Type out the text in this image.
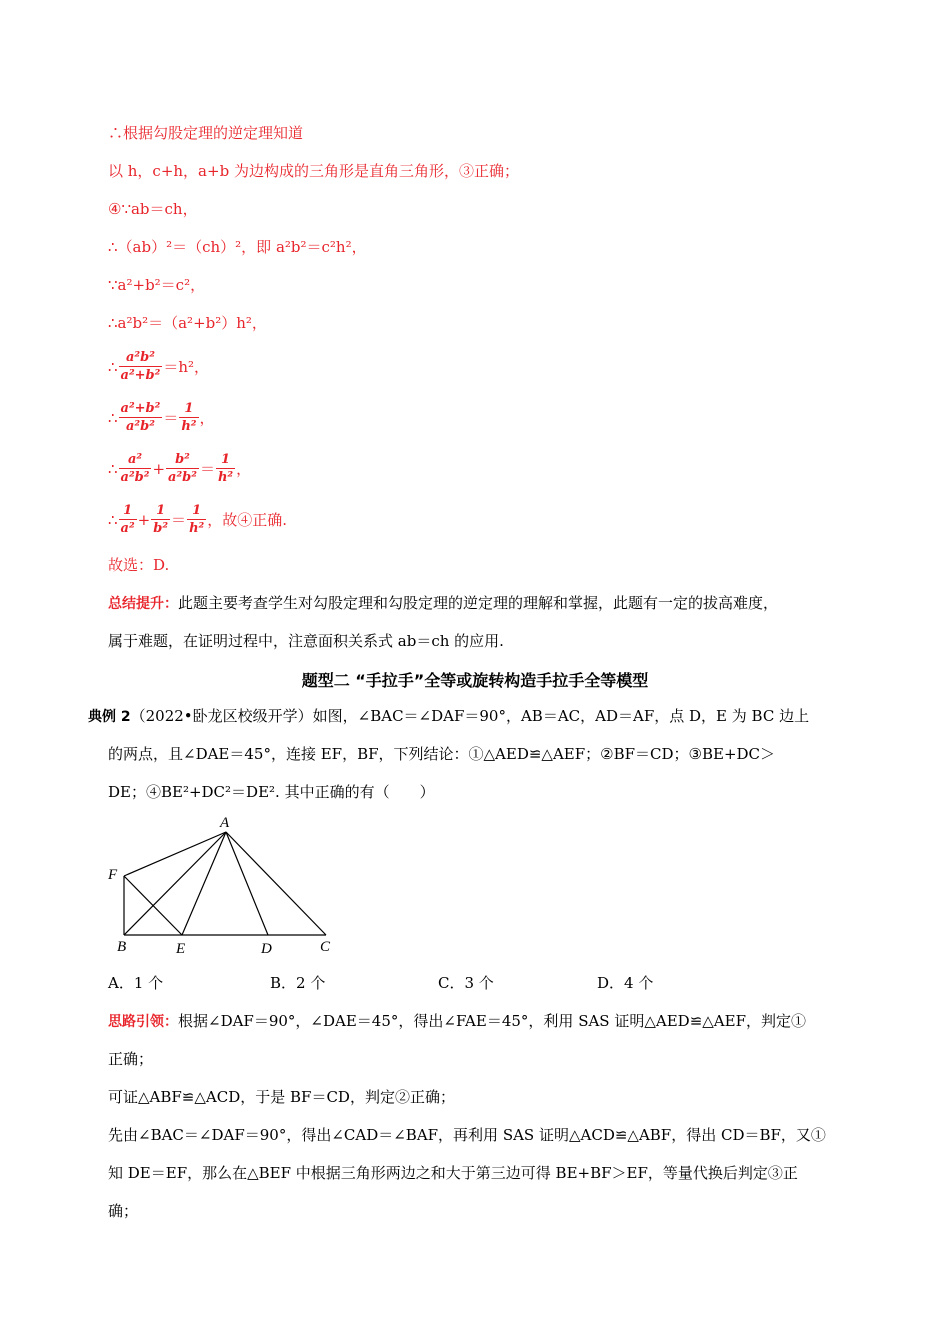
∴根据勾股定理的逆定理知道
以 h，c+h，a+b 为边构成的三角形是直角三角形，③正确；
④∵ab＝ch，
∴（ab）²＝（ch）²，即 a²b²＝c²h²，
∵a²+b²＝c²，
∴a²b²＝（a²+b²）h²，
∴ $\frac{\text{a²b²}}{\text{a²+b²}} =h^2$，
∴ $\frac{\text{a²+b²}}{\text{a²b²}} = \frac{1}{\text{h²}}$ ，
∴ $\frac{\text{a²}}{\text{a²b²}} + \frac{\text{b²}}{\text{a²b²}} = \frac{1}{\text{h²}}$ ，
∴ $\frac{1}{\text{a²}} + \frac{1}{\text{b²}} = \frac{1}{\text{h²}}$ ，故④正确.
故选：D.
总结提升：此题主要考查学生对勾股定理和勾股定理的逆定理的理解和掌握，此题有一定的拔高难度，
属于难题，在证明过程中，注意面积关系式 ab＝ch 的应用.
题型二 “手拉手”全等或旋转构造手拉手全等模型
典例 2（2022•卧龙区校级开学）如图，∠BAC＝∠DAF＝90°，AB＝AC，AD＝AF，点 D，E 为 BC 边上
的两点，且∠DAE＝45°，连接 EF，BF，下列结论：①△AED≌△AEF；②BF＝CD；③BE+DC＞
DE；④BE²+DC²＝DE². 其中正确的有（　　）
A
F
B	E	D	C
A．1 个	B．2 个	C．3 个	D．4 个
思路引领：根据∠DAF＝90°，∠DAE＝45°，得出∠FAE＝45°，利用 SAS 证明△AED≌△AEF，判定①
正确；
可证△ABF≌△ACD，于是 BF＝CD，判定②正确；
先由∠BAC＝∠DAF＝90°，得出∠CAD＝∠BAF，再利用 SAS 证明△ACD≌△ABF，得出 CD＝BF，又①
知 DE＝EF，那么在△BEF 中根据三角形两边之和大于第三边可得 BE+BF＞EF，等量代换后判定③正
确；
